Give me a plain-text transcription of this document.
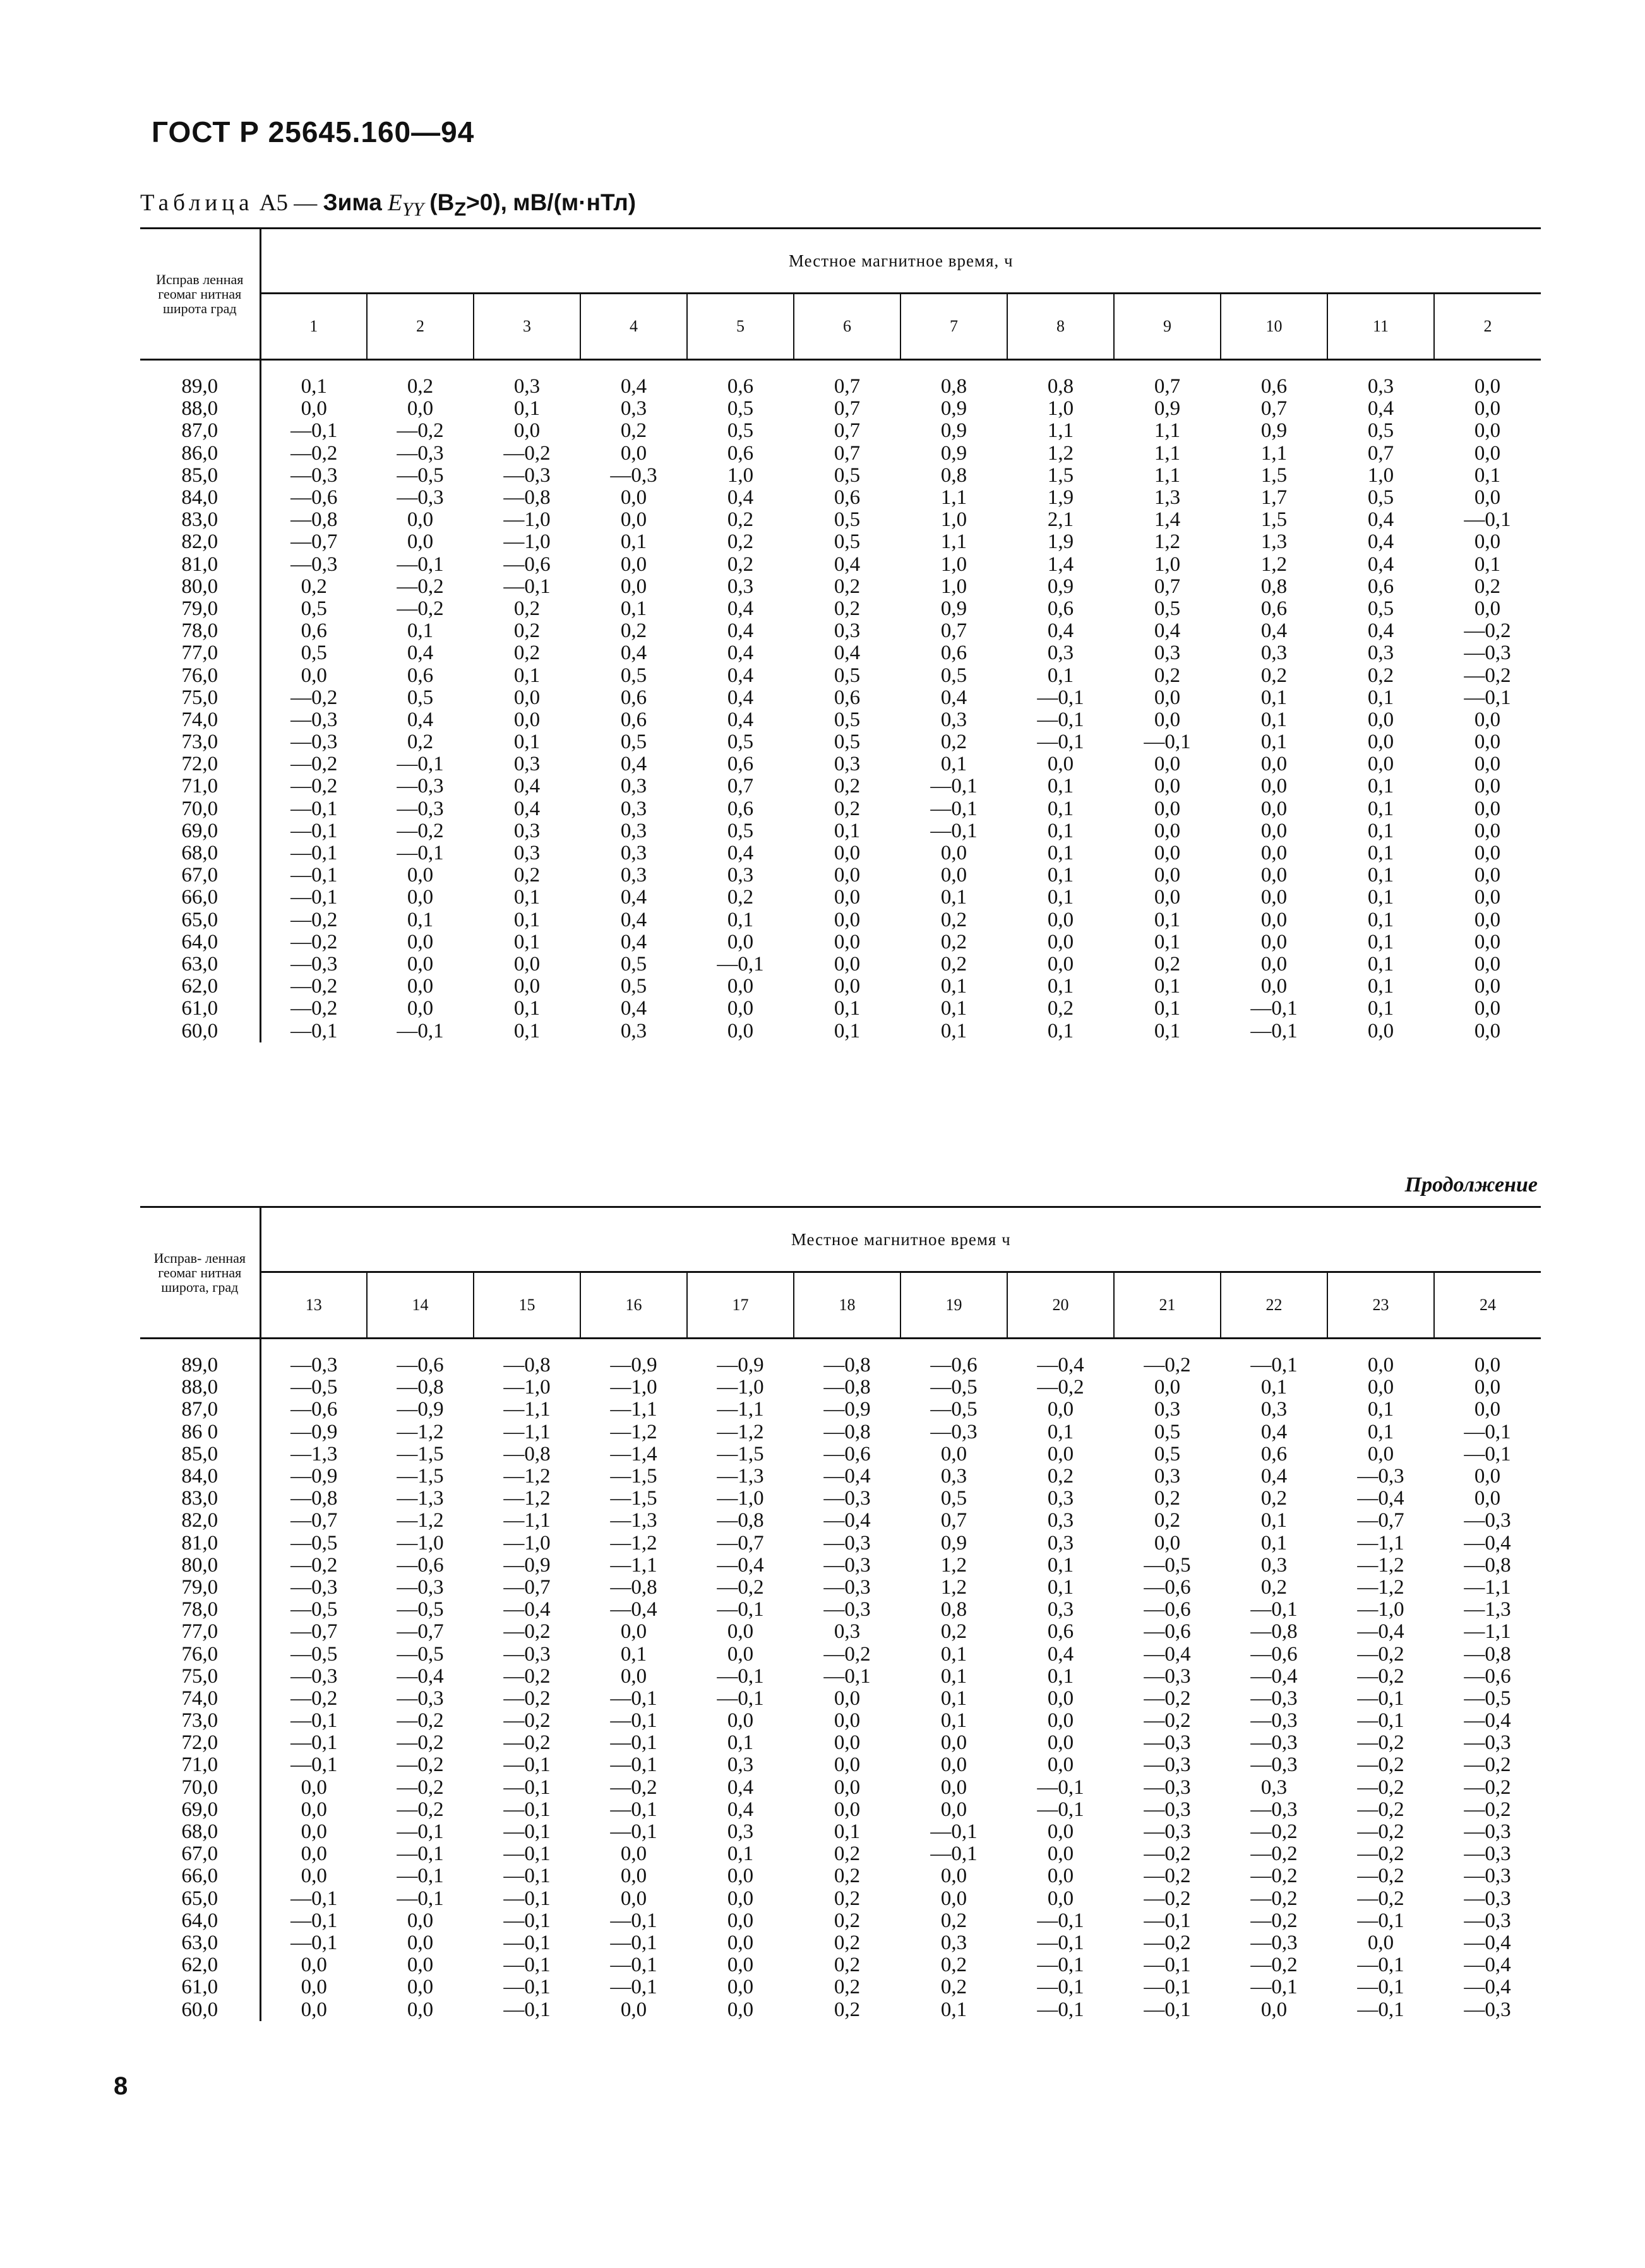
ГОСТ Р 25645.160—94
Таблица А5 — Зима $E_{YY}$ $(B_Z>0)$, мВ/(м·нТл)
Исправ ленная геомаг нитная широта град	Местное магнитное время, ч											
	1	2	3	4	5	6	7	8	9	10	11	2

89,0	0,1	0,2	0,3	0,4	0,6	0,7	0,8	0,8	0,7	0,6	0,3	0,0
88,0	0,0	0,0	0,1	0,3	0,5	0,7	0,9	1,0	0,9	0,7	0,4	0,0
87,0	—0,1	—0,2	0,0	0,2	0,5	0,7	0,9	1,1	1,1	0,9	0,5	0,0
86,0	—0,2	—0,3	—0,2	0,0	0,6	0,7	0,9	1,2	1,1	1,1	0,7	0,0
85,0	—0,3	—0,5	—0,3	—0,3	1,0	0,5	0,8	1,5	1,1	1,5	1,0	0,1
84,0	—0,6	—0,3	—0,8	0,0	0,4	0,6	1,1	1,9	1,3	1,7	0,5	0,0
83,0	—0,8	0,0	—1,0	0,0	0,2	0,5	1,0	2,1	1,4	1,5	0,4	—0,1
82,0	—0,7	0,0	—1,0	0,1	0,2	0,5	1,1	1,9	1,2	1,3	0,4	0,0
81,0	—0,3	—0,1	—0,6	0,0	0,2	0,4	1,0	1,4	1,0	1,2	0,4	0,1
80,0	0,2	—0,2	—0,1	0,0	0,3	0,2	1,0	0,9	0,7	0,8	0,6	0,2
79,0	0,5	—0,2	0,2	0,1	0,4	0,2	0,9	0,6	0,5	0,6	0,5	0,0
78,0	0,6	0,1	0,2	0,2	0,4	0,3	0,7	0,4	0,4	0,4	0,4	—0,2
77,0	0,5	0,4	0,2	0,4	0,4	0,4	0,6	0,3	0,3	0,3	0,3	—0,3
76,0	0,0	0,6	0,1	0,5	0,4	0,5	0,5	0,1	0,2	0,2	0,2	—0,2
75,0	—0,2	0,5	0,0	0,6	0,4	0,6	0,4	—0,1	0,0	0,1	0,1	—0,1
74,0	—0,3	0,4	0,0	0,6	0,4	0,5	0,3	—0,1	0,0	0,1	0,0	0,0
73,0	—0,3	0,2	0,1	0,5	0,5	0,5	0,2	—0,1	—0,1	0,1	0,0	0,0
72,0	—0,2	—0,1	0,3	0,4	0,6	0,3	0,1	0,0	0,0	0,0	0,0	0,0
71,0	—0,2	—0,3	0,4	0,3	0,7	0,2	—0,1	0,1	0,0	0,0	0,1	0,0
70,0	—0,1	—0,3	0,4	0,3	0,6	0,2	—0,1	0,1	0,0	0,0	0,1	0,0
69,0	—0,1	—0,2	0,3	0,3	0,5	0,1	—0,1	0,1	0,0	0,0	0,1	0,0
68,0	—0,1	—0,1	0,3	0,3	0,4	0,0	0,0	0,1	0,0	0,0	0,1	0,0
67,0	—0,1	0,0	0,2	0,3	0,3	0,0	0,0	0,1	0,0	0,0	0,1	0,0
66,0	—0,1	0,0	0,1	0,4	0,2	0,0	0,1	0,1	0,0	0,0	0,1	0,0
65,0	—0,2	0,1	0,1	0,4	0,1	0,0	0,2	0,0	0,1	0,0	0,1	0,0
64,0	—0,2	0,0	0,1	0,4	0,0	0,0	0,2	0,0	0,1	0,0	0,1	0,0
63,0	—0,3	0,0	0,0	0,5	—0,1	0,0	0,2	0,0	0,2	0,0	0,1	0,0
62,0	—0,2	0,0	0,0	0,5	0,0	0,0	0,1	0,1	0,1	0,0	0,1	0,0
61,0	—0,2	0,0	0,1	0,4	0,0	0,1	0,1	0,2	0,1	—0,1	0,1	0,0
60,0	—0,1	—0,1	0,1	0,3	0,0	0,1	0,1	0,1	0,1	—0,1	0,0	0,0
Продолжение
Исправ- ленная геомаг нитная широта, град	Местное магнитное время ч											
	13	14	15	16	17	18	19	20	21	22	23	24

89,0	—0,3	—0,6	—0,8	—0,9	—0,9	—0,8	—0,6	—0,4	—0,2	—0,1	0,0	0,0
88,0	—0,5	—0,8	—1,0	—1,0	—1,0	—0,8	—0,5	—0,2	0,0	0,1	0,0	0,0
87,0	—0,6	—0,9	—1,1	—1,1	—1,1	—0,9	—0,5	0,0	0,3	0,3	0,1	0,0
86 0	—0,9	—1,2	—1,1	—1,2	—1,2	—0,8	—0,3	0,1	0,5	0,4	0,1	—0,1
85,0	—1,3	—1,5	—0,8	—1,4	—1,5	—0,6	0,0	0,0	0,5	0,6	0,0	—0,1
84,0	—0,9	—1,5	—1,2	—1,5	—1,3	—0,4	0,3	0,2	0,3	0,4	—0,3	0,0
83,0	—0,8	—1,3	—1,2	—1,5	—1,0	—0,3	0,5	0,3	0,2	0,2	—0,4	0,0
82,0	—0,7	—1,2	—1,1	—1,3	—0,8	—0,4	0,7	0,3	0,2	0,1	—0,7	—0,3
81,0	—0,5	—1,0	—1,0	—1,2	—0,7	—0,3	0,9	0,3	0,0	0,1	—1,1	—0,4
80,0	—0,2	—0,6	—0,9	—1,1	—0,4	—0,3	1,2	0,1	—0,5	0,3	—1,2	—0,8
79,0	—0,3	—0,3	—0,7	—0,8	—0,2	—0,3	1,2	0,1	—0,6	0,2	—1,2	—1,1
78,0	—0,5	—0,5	—0,4	—0,4	—0,1	—0,3	0,8	0,3	—0,6	—0,1	—1,0	—1,3
77,0	—0,7	—0,7	—0,2	0,0	0,0	0,3	0,2	0,6	—0,6	—0,8	—0,4	—1,1
76,0	—0,5	—0,5	—0,3	0,1	0,0	—0,2	0,1	0,4	—0,4	—0,6	—0,2	—0,8
75,0	—0,3	—0,4	—0,2	0,0	—0,1	—0,1	0,1	0,1	—0,3	—0,4	—0,2	—0,6
74,0	—0,2	—0,3	—0,2	—0,1	—0,1	0,0	0,1	0,0	—0,2	—0,3	—0,1	—0,5
73,0	—0,1	—0,2	—0,2	—0,1	0,0	0,0	0,1	0,0	—0,2	—0,3	—0,1	—0,4
72,0	—0,1	—0,2	—0,2	—0,1	0,1	0,0	0,0	0,0	—0,3	—0,3	—0,2	—0,3
71,0	—0,1	—0,2	—0,1	—0,1	0,3	0,0	0,0	0,0	—0,3	—0,3	—0,2	—0,2
70,0	0,0	—0,2	—0,1	—0,2	0,4	0,0	0,0	—0,1	—0,3	0,3	—0,2	—0,2
69,0	0,0	—0,2	—0,1	—0,1	0,4	0,0	0,0	—0,1	—0,3	—0,3	—0,2	—0,2
68,0	0,0	—0,1	—0,1	—0,1	0,3	0,1	—0,1	0,0	—0,3	—0,2	—0,2	—0,3
67,0	0,0	—0,1	—0,1	0,0	0,1	0,2	—0,1	0,0	—0,2	—0,2	—0,2	—0,3
66,0	0,0	—0,1	—0,1	0,0	0,0	0,2	0,0	0,0	—0,2	—0,2	—0,2	—0,3
65,0	—0,1	—0,1	—0,1	0,0	0,0	0,2	0,0	0,0	—0,2	—0,2	—0,2	—0,3
64,0	—0,1	0,0	—0,1	—0,1	0,0	0,2	0,2	—0,1	—0,1	—0,2	—0,1	—0,3
63,0	—0,1	0,0	—0,1	—0,1	0,0	0,2	0,3	—0,1	—0,2	—0,3	0,0	—0,4
62,0	0,0	0,0	—0,1	—0,1	0,0	0,2	0,2	—0,1	—0,1	—0,2	—0,1	—0,4
61,0	0,0	0,0	—0,1	—0,1	0,0	0,2	0,2	—0,1	—0,1	—0,1	—0,1	—0,4
60,0	0,0	0,0	—0,1	0,0	0,0	0,2	0,1	—0,1	—0,1	0,0	—0,1	—0,3
8
